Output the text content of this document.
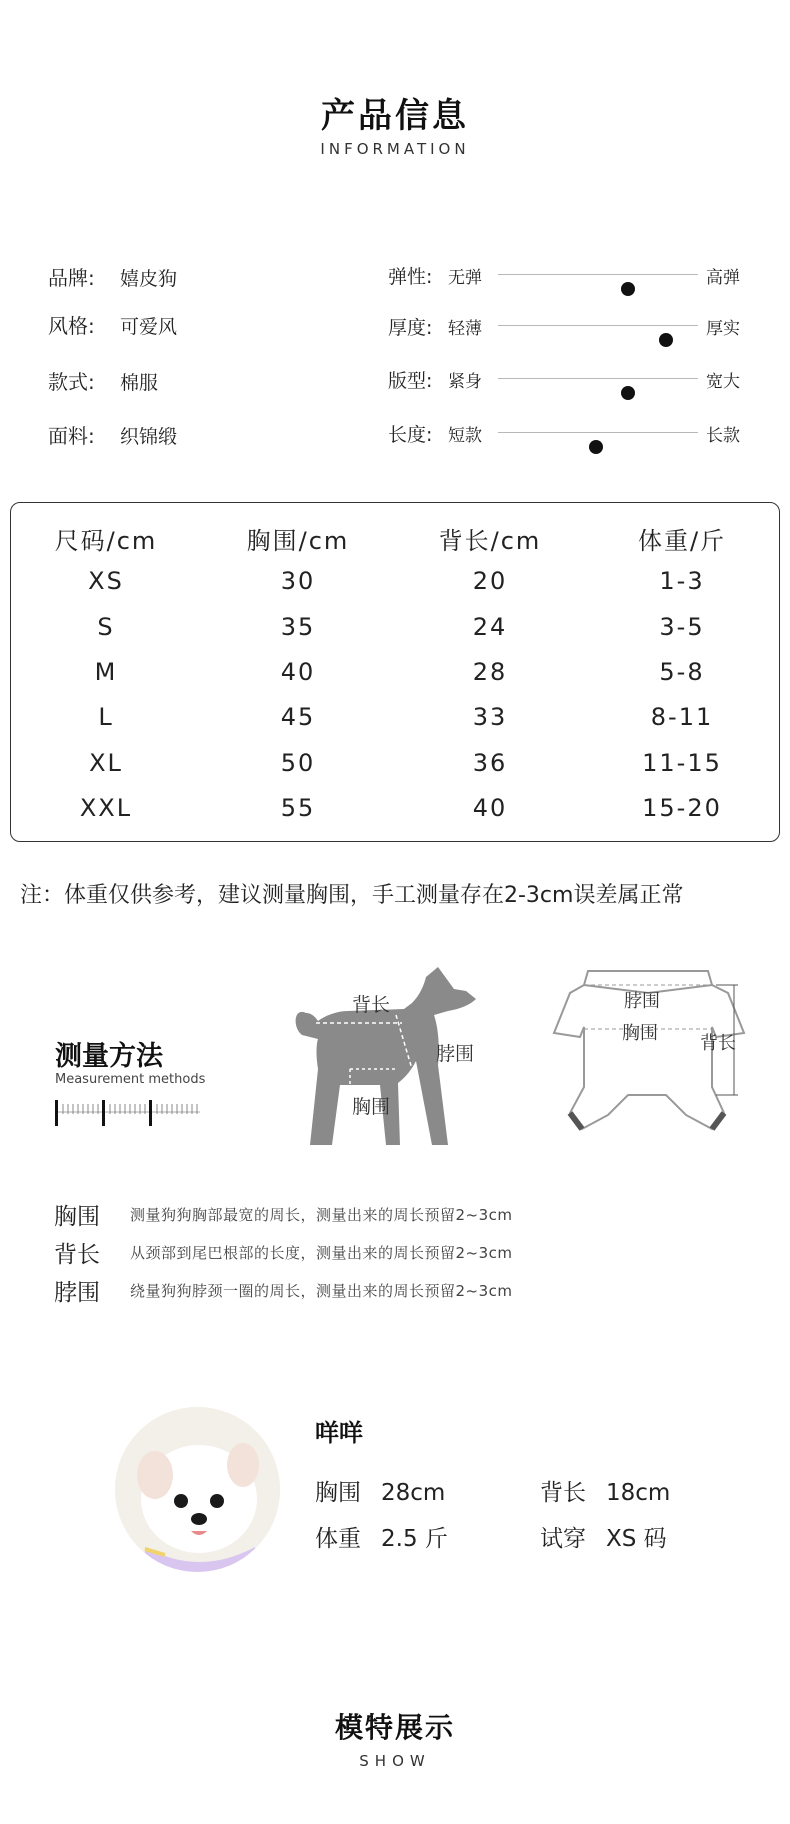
产品信息
INFORMATION
品牌: 嬉皮狗
风格: 可爱风
款式: 棉服
面料: 织锦缎
弹性: 无弹	高弹
厚度: 轻薄	厚实
版型: 紧身	宽大
长度: 短款	长款
尺码/cm	胸围/cm	背长/cm	体重/斤
XS	30	20	1-3
S	35	24	3-5
M	40	28	5-8
L	45	33	8-11
XL	50	36	11-15
XXL	55	40	15-20
注：体重仅供参考，建议测量胸围，手工测量存在2-3cm误差属正常
测量方法
Measurement methods
背长
脖围
胸围
脖围
胸围 背长
胸围 测量狗狗胸部最宽的周长，测量出来的周长预留2~3cm
背长 从颈部到尾巴根部的长度，测量出来的周长预留2~3cm
脖围 绕量狗狗脖颈一圈的周长，测量出来的周长预留2~3cm
咩咩
胸围 28cm	背长 18cm
体重 2.5 斤	试穿 XS 码
模特展示
SHOW
